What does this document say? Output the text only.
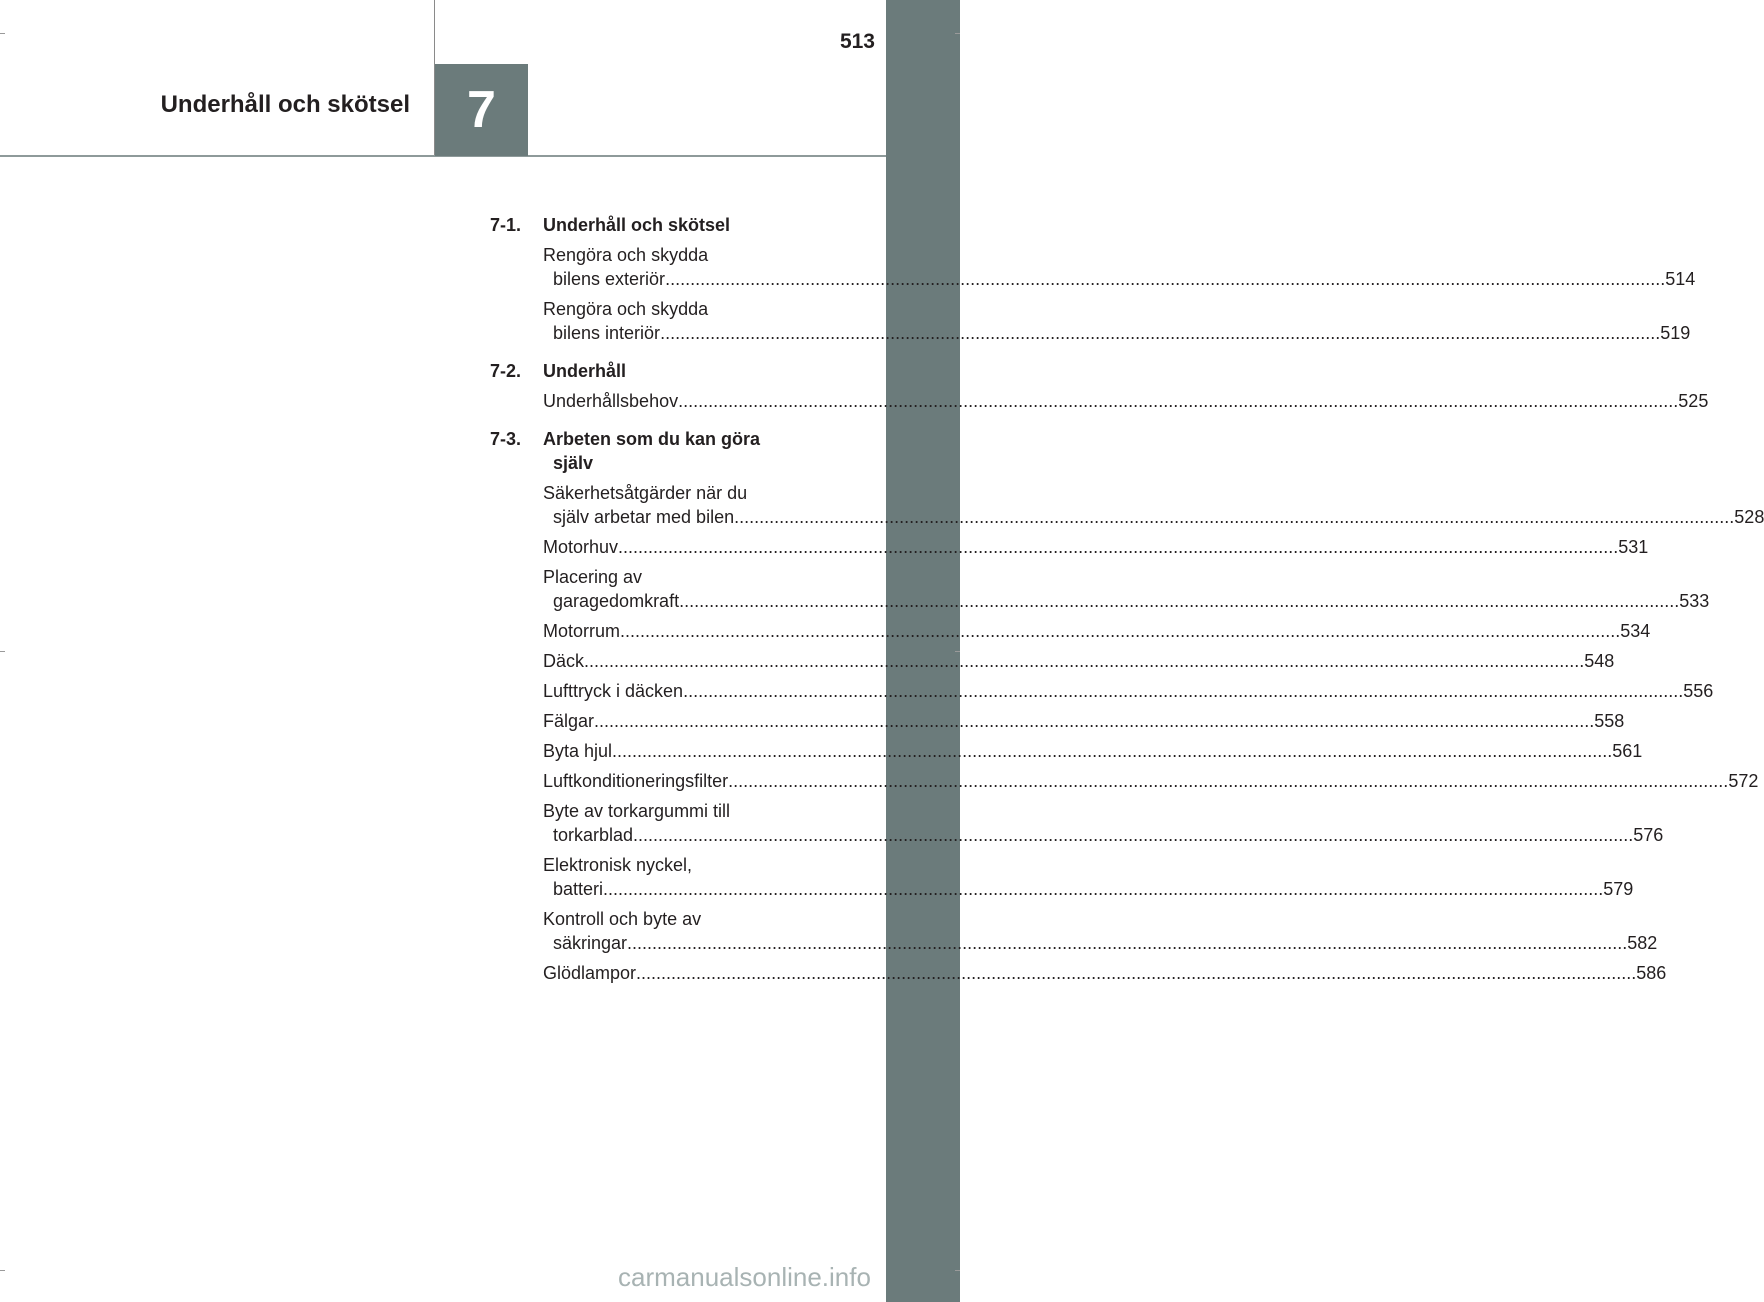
7
Underhåll och skötsel
513
7-1. Underhåll och skötsel
Rengöra och skydda
bilens exteriör ........................................................................................................................................................................................................ 514
Rengöra och skydda
bilens interiör ........................................................................................................................................................................................................ 519
7-2. Underhåll
Underhållsbehov ........................................................................................................................................................................................................ 525
7-3. Arbeten som du kan göra
själv
Säkerhetsåtgärder när du
själv arbetar med bilen ........................................................................................................................................................................................................ 528
Motorhuv ........................................................................................................................................................................................................ 531
Placering av
garagedomkraft ........................................................................................................................................................................................................ 533
Motorrum ........................................................................................................................................................................................................ 534
Däck ........................................................................................................................................................................................................ 548
Lufttryck i däcken ........................................................................................................................................................................................................ 556
Fälgar ........................................................................................................................................................................................................ 558
Byta hjul ........................................................................................................................................................................................................ 561
Luftkonditioneringsfilter ........................................................................................................................................................................................................ 572
Byte av torkargummi till
torkarblad ........................................................................................................................................................................................................ 576
Elektronisk nyckel,
batteri ........................................................................................................................................................................................................ 579
Kontroll och byte av
säkringar ........................................................................................................................................................................................................ 582
Glödlampor ........................................................................................................................................................................................................ 586
carmanualsonline.info
